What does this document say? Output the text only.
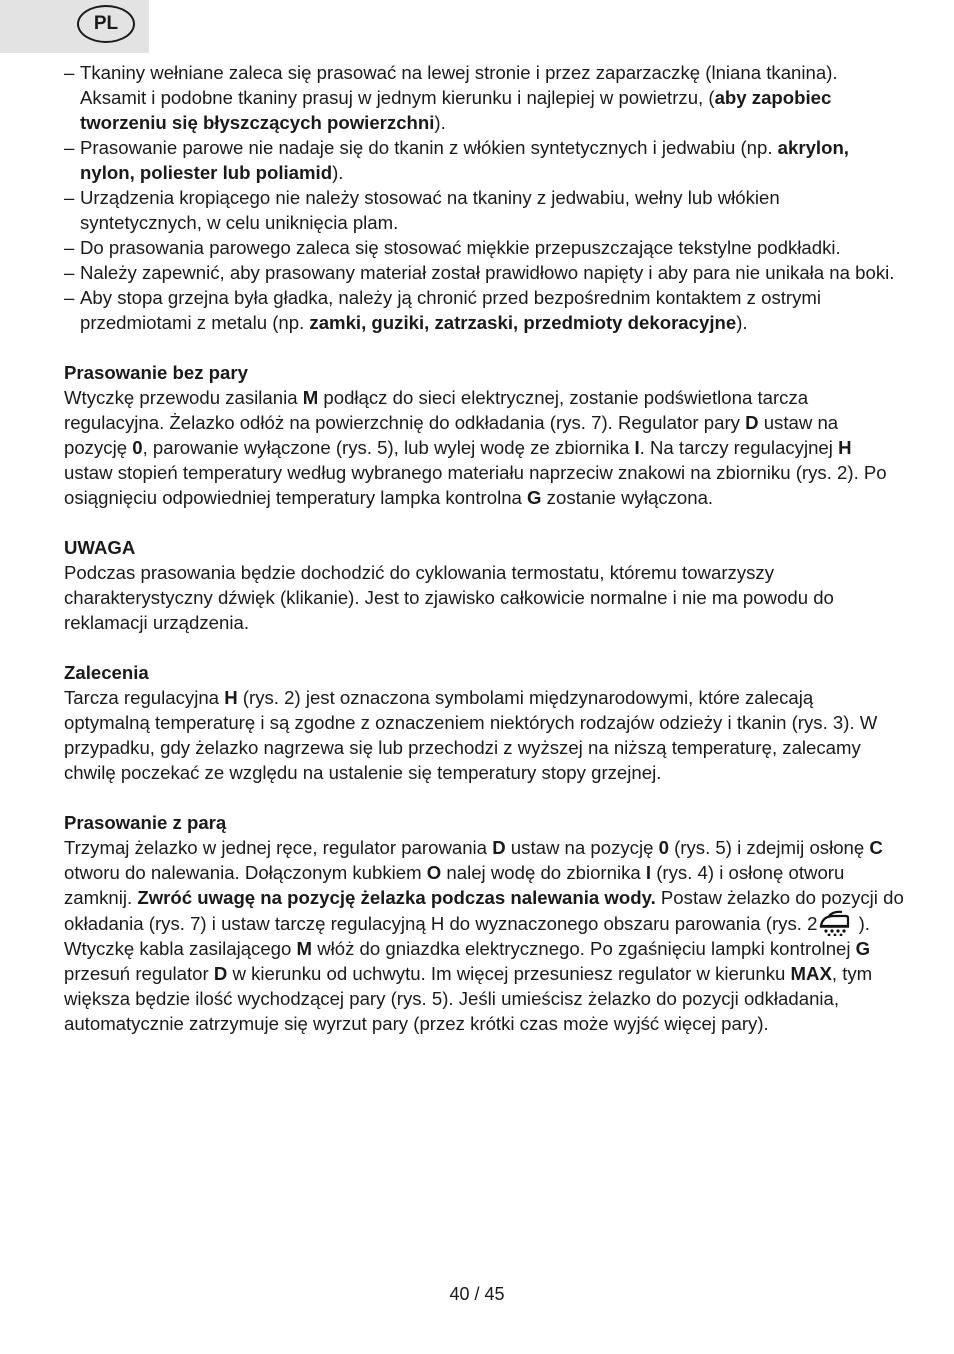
PL
– Tkaniny wełniane zaleca się prasować na lewej stronie i przez zaparzaczkę (lniana tkanina). Aksamit i podobne tkaniny prasuj w jednym kierunku i najlepiej w powietrzu, (aby zapobiec tworzeniu się błyszczących powierzchni).
– Prasowanie parowe nie nadaje się do tkanin z włókien syntetycznych i jedwabiu (np. akrylon, nylon, poliester lub poliamid).
– Urządzenia kropiącego nie należy stosować na tkaniny z jedwabiu, wełny lub włókien syntetycznych, w celu uniknięcia plam.
– Do prasowania parowego zaleca się stosować miękkie przepuszczające tekstylne podkładki.
– Należy zapewnić, aby prasowany materiał został prawidłowo napięty i aby para nie unikała na boki.
– Aby stopa grzejna była gładka, należy ją chronić przed bezpośrednim kontaktem z ostrymi przedmiotami z metalu (np. zamki, guziki, zatrzaski, przedmioty dekoracyjne).
Prasowanie bez pary

Wtyczkę przewodu zasilania M podłącz do sieci elektrycznej, zostanie podświetlona tarcza regulacyjna. Żelazko odłóż na powierzchnię do odkładania (rys. 7). Regulator pary D ustaw na pozycję 0, parowanie wyłączone (rys. 5), lub wylej wodę ze zbiornika I. Na tarczy regulacyjnej H ustaw stopień temperatury według wybranego materiału naprzeciw znakowi na zbiorniku (rys. 2). Po osiągnięciu odpowiedniej temperatury lampka kontrolna G zostanie wyłączona.

UWAGA

Podczas prasowania będzie dochodzić do cyklowania termostatu, któremu towarzyszy charakterystyczny dźwięk (klikanie). Jest to zjawisko całkowicie normalne i nie ma powodu do reklamacji urządzenia.

Zalecenia

Tarcza regulacyjna H (rys. 2) jest oznaczona symbolami międzynarodowymi, które zalecają optymalną temperaturę i są zgodne z oznaczeniem niektórych rodzajów odzieży i tkanin (rys. 3). W przypadku, gdy żelazko nagrzewa się lub przechodzi z wyższej na niższą temperaturę, zalecamy chwilę poczekać ze względu na ustalenie się temperatury stopy grzejnej.

Prasowanie z parą

Trzymaj żelazko w jednej ręce, regulator parowania D ustaw na pozycję 0 (rys. 5) i zdejmij osłonę C otworu do nalewania. Dołączonym kubkiem O nalej wodę do zbiornika I (rys. 4) i osłonę otworu zamknij. Zwróć uwagę na pozycję żelazka podczas nalewania wody. Postaw żelazko do pozycji do okładania (rys. 7) i ustaw tarczę regulacyjną H do wyznaczonego obszaru parowania (rys. 2 ). Wtyczkę kabla zasilającego M włóż do gniazdka elektrycznego. Po zgaśnięciu lampki kontrolnej G przesuń regulator D w kierunku od uchwytu. Im więcej przesuniesz regulator w kierunku MAX, tym większa będzie ilość wychodzącej pary (rys. 5). Jeśli umieścisz żelazko do pozycji odkładania, automatycznie zatrzymuje się wyrzut pary (przez krótki czas może wyjść więcej pary).

40 / 45
